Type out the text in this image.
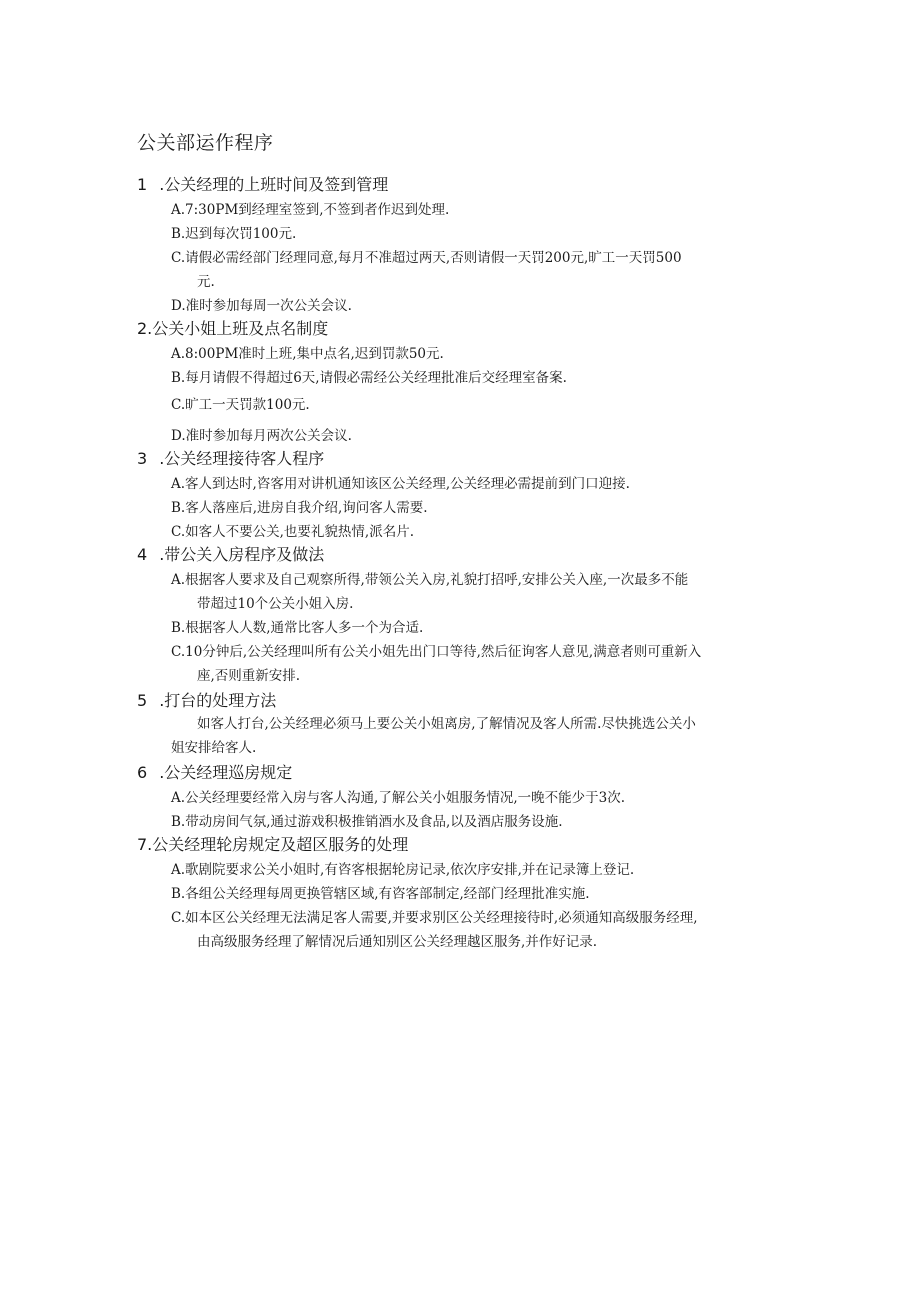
公关部运作程序
1 .公关经理的上班时间及签到管理
A.7:30PM到经理室签到,不签到者作迟到处理.
B.迟到每次罚100元.
C.请假必需经部门经理同意,每月不准超过两天,否则请假一天罚200元,旷工一天罚500
元.
D.准时参加每周一次公关会议.
2.公关小姐上班及点名制度
A.8:00PM准时上班,集中点名,迟到罚款50元.
B.每月请假不得超过6天,请假必需经公关经理批准后交经理室备案.
C.旷工一天罚款100元.
D.准时参加每月两次公关会议.
3 .公关经理接待客人程序
A.客人到达时,咨客用对讲机通知该区公关经理,公关经理必需提前到门口迎接.
B.客人落座后,进房自我介绍,询问客人需要.
C.如客人不要公关,也要礼貌热情,派名片.
4 .带公关入房程序及做法
A.根据客人要求及自己观察所得,带领公关入房,礼貌打招呼,安排公关入座,一次最多不能
带超过10个公关小姐入房.
B.根据客人人数,通常比客人多一个为合适.
C.10分钟后,公关经理叫所有公关小姐先出门口等待,然后征询客人意见,满意者则可重新入
座,否则重新安排.
5 .打台的处理方法
如客人打台,公关经理必须马上要公关小姐离房,了解情况及客人所需.尽快挑选公关小
姐安排给客人.
6 .公关经理巡房规定
A.公关经理要经常入房与客人沟通,了解公关小姐服务情况,一晚不能少于3次.
B.带动房间气氛,通过游戏积极推销酒水及食品,以及酒店服务设施.
7.公关经理轮房规定及超区服务的处理
A.歌剧院要求公关小姐时,有咨客根据轮房记录,依次序安排,并在记录簿上登记.
B.各组公关经理每周更换管辖区域,有咨客部制定,经部门经理批准实施.
C.如本区公关经理无法满足客人需要,并要求别区公关经理接待时,必须通知高级服务经理,
由高级服务经理了解情况后通知别区公关经理越区服务,并作好记录.
